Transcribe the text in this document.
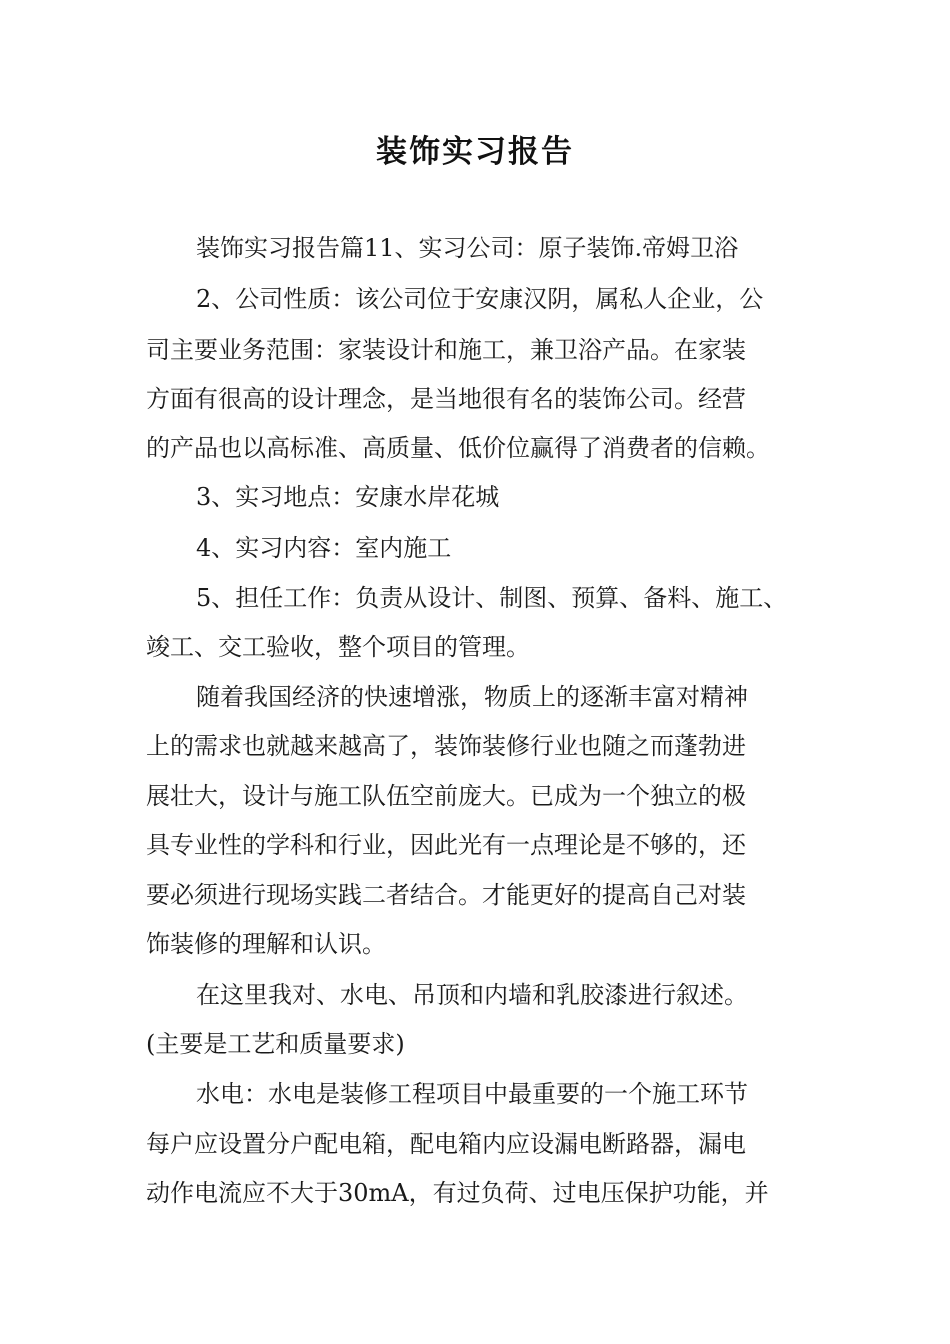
装饰实习报告

装饰实习报告篇11、实习公司：原子装饰.帝姆卫浴

2、公司性质：该公司位于安康汉阴，属私人企业，公

司主要业务范围：家装设计和施工，兼卫浴产品。在家装

方面有很高的设计理念，是当地很有名的装饰公司。经营

的产品也以高标准、高质量、低价位赢得了消费者的信赖。

3、实习地点：安康水岸花城

4、实习内容：室内施工

5、担任工作：负责从设计、制图、预算、备料、施工、

竣工、交工验收，整个项目的管理。

随着我国经济的快速增涨，物质上的逐渐丰富对精神

上的需求也就越来越高了，装饰装修行业也随之而蓬勃进

展壮大，设计与施工队伍空前庞大。已成为一个独立的极

具专业性的学科和行业，因此光有一点理论是不够的，还

要必须进行现场实践二者结合。才能更好的提高自己对装

饰装修的理解和认识。

在这里我对、水电、吊顶和内墙和乳胶漆进行叙述。

(主要是工艺和质量要求)

水电：水电是装修工程项目中最重要的一个施工环节

每户应设置分户配电箱，配电箱内应设漏电断路器，漏电

动作电流应不大于30mA，有过负荷、过电压保护功能，并
